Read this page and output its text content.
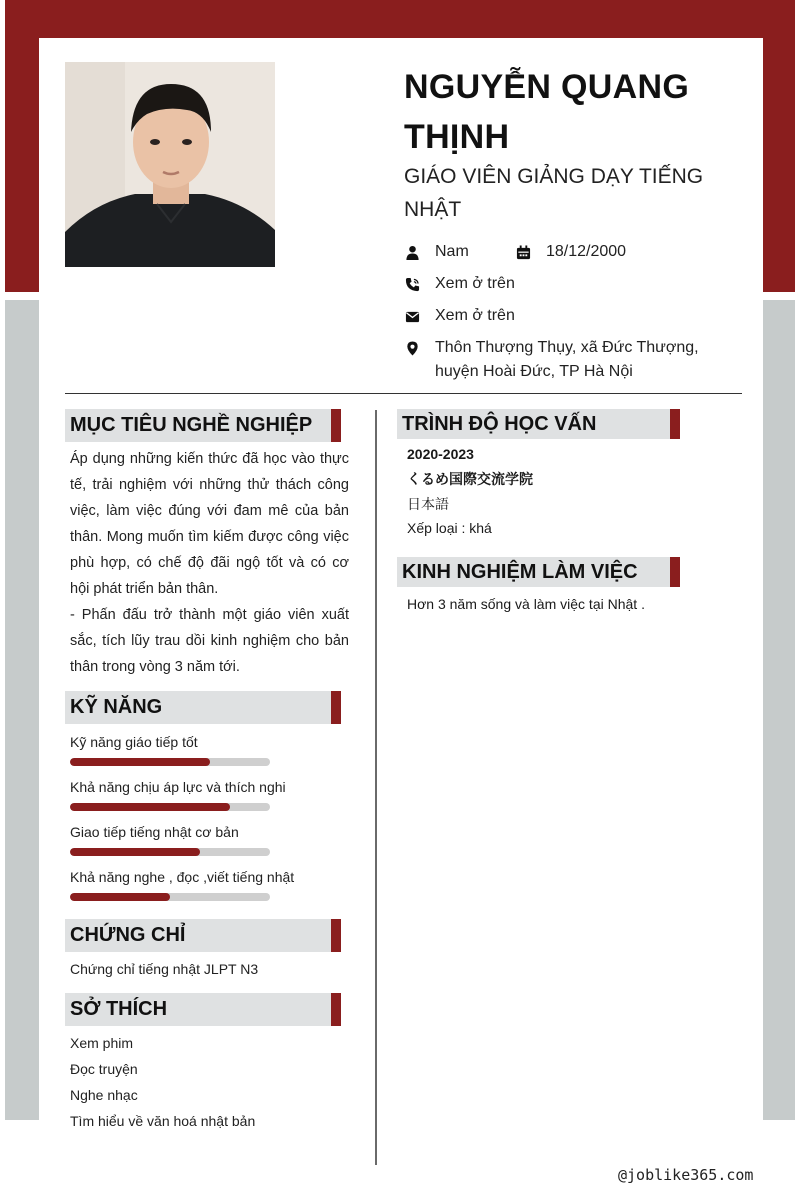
NGUYỄN QUANG THỊNH
GIÁO VIÊN GIẢNG DẠY TIẾNG NHẬT
Nam	18/12/2000
Xem ở trên
Xem ở trên
Thôn Thượng Thụy, xã Đức Thượng, huyện Hoài Đức, TP Hà Nội
MỤC TIÊU NGHỀ NGHIỆP

Áp dụng những kiến thức đã học vào thực tế, trải nghiệm với những thử thách công việc, làm việc đúng với đam mê của bản thân. Mong muốn tìm kiếm được công việc phù hợp, có chế độ đãi ngộ tốt và có cơ hội phát triển bản thân.

- Phấn đấu trở thành một giáo viên xuất sắc, tích lũy trau dồi kinh nghiệm cho bản thân trong vòng 3 năm tới.

KỸ NĂNG
Kỹ năng giáo tiếp tốt
Khả năng chịu áp lực và thích nghi
Giao tiếp tiếng nhật cơ bản
Khả năng nghe , đọc ,viết tiếng nhật
CHỨNG CHỈ
Chứng chỉ tiếng nhật JLPT N3
SỞ THÍCH
Xem phim
Đọc truyện
Nghe nhạc
Tìm hiểu về văn hoá nhật bản
TRÌNH ĐỘ HỌC VẤN
2020-2023
くるめ国際交流学院
日本語
Xếp loại : khá
KINH NGHIỆM LÀM VIỆC
Hơn 3 năm sống và làm việc tại Nhật .
@joblike365.com
